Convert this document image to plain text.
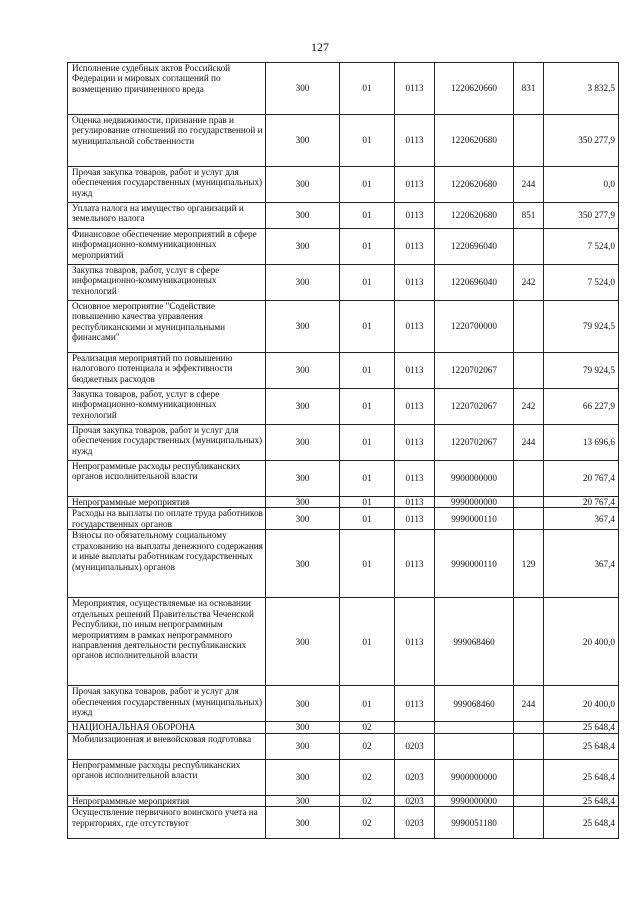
127
Исполнение судебных актов Российской Федерации и мировых соглашений по возмещению причиненного вреда	300	01	0113	1220620660	831	3 832,5
Оценка недвижимости, признание прав и регулирование отношений по государственной и муниципальной собственности	300	01	0113	1220620680		350 277,9
Прочая закупка товаров, работ и услуг для обеспечения государственных (муниципальных) нужд	300	01	0113	1220620680	244	0,0
Уплата налога на имущество организаций и земельного налога	300	01	0113	1220620680	851	350 277,9
Финансовое обеспечение мероприятий в сфере информационно-коммуникационных мероприятий	300	01	0113	1220696040		7 524,0
Закупка товаров, работ, услуг в сфере информационно-коммуникационных технологий	300	01	0113	1220696040	242	7 524,0
Основное мероприятие "Содействие повышению качества управления республиканскими и муниципальными финансами"	300	01	0113	1220700000		79 924,5
Реализация мероприятий по повышению налогового потенциала и эффективности бюджетных расходов	300	01	0113	1220702067		79 924,5
Закупка товаров, работ, услуг в сфере информационно-коммуникационных технологий	300	01	0113	1220702067	242	66 227,9
Прочая закупка товаров, работ и услуг для обеспечения государственных (муниципальных) нужд	300	01	0113	1220702067	244	13 696,6
Непрограммные расходы республиканских органов исполнительной власти	300	01	0113	9900000000		20 767,4
Непрограммные мероприятия	300	01	0113	9990000000		20 767,4
Расходы на выплаты по оплате труда работников государственных органов	300	01	0113	9990000110		367,4
Взносы по обязательному социальному страхованию на выплаты денежного содержания и иные выплаты работникам государственных (муниципальных) органов	300	01	0113	9990000110	129	367,4
Мероприятия, осуществляемые на основании отдельных решений Правительства Чеченской Республики, по иным непрограммным мероприятиям в рамках непрограммного направления деятельности республиканских органов исполнительной власти	300	01	0113	999068460		20 400,0
Прочая закупка товаров, работ и услуг для обеспечения государственных (муниципальных) нужд	300	01	0113	999068460	244	20 400,0
НАЦИОНАЛЬНАЯ ОБОРОНА	300	02				25 648,4
Мобилизационная и вневойсковая подготовка	300	02	0203			25 648,4
Непрограммные расходы республиканских органов исполнительной власти	300	02	0203	9900000000		25 648,4
Непрограммные мероприятия	300	02	0203	9990000000		25 648,4
Осуществление первичного воинского учета на территориях, где отсутствуют	300	02	0203	9990051180		25 648,4
